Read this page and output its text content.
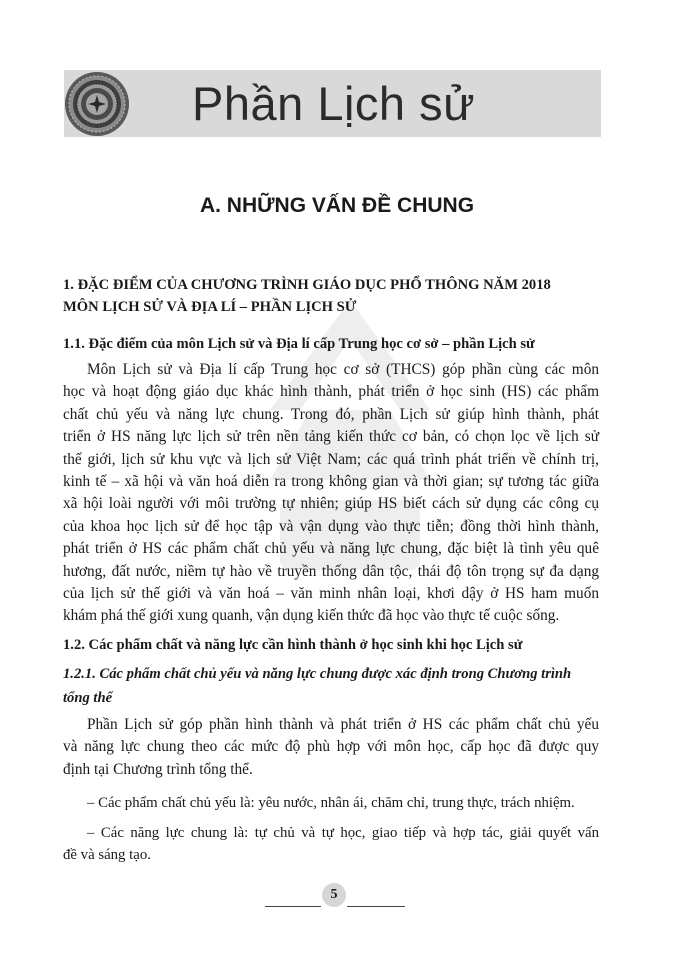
Phần Lịch sử
A. NHỮNG VẤN ĐỀ CHUNG
1. ĐẶC ĐIỂM CỦA CHƯƠNG TRÌNH GIÁO DỤC PHỔ THÔNG NĂM 2018
MÔN LỊCH SỬ VÀ ĐỊA LÍ – PHẦN LỊCH SỬ
1.1. Đặc điểm của môn Lịch sử và Địa lí cấp Trung học cơ sở – phần Lịch sử
Môn Lịch sử và Địa lí cấp Trung học cơ sở (THCS) góp phần cùng các môn
học và hoạt động giáo dục khác hình thành, phát triển ở học sinh (HS) các phẩm
chất chủ yếu và năng lực chung. Trong đó, phần Lịch sử giúp hình thành, phát
triển ở HS năng lực lịch sử trên nền tảng kiến thức cơ bản, có chọn lọc về lịch sử
thế giới, lịch sử khu vực và lịch sử Việt Nam; các quá trình phát triển về chính trị,
kinh tế – xã hội và văn hoá diễn ra trong không gian và thời gian; sự tương tác giữa
xã hội loài người với môi trường tự nhiên; giúp HS biết cách sử dụng các công cụ
của khoa học lịch sử để học tập và vận dụng vào thực tiễn; đồng thời hình thành,
phát triển ở HS các phẩm chất chủ yếu và năng lực chung, đặc biệt là tình yêu quê
hương, đất nước, niềm tự hào về truyền thống dân tộc, thái độ tôn trọng sự đa dạng
của lịch sử thế giới và văn hoá – văn minh nhân loại, khơi dậy ở HS ham muốn
khám phá thế giới xung quanh, vận dụng kiến thức đã học vào thực tế cuộc sống.
1.2. Các phẩm chất và năng lực cần hình thành ở học sinh khi học Lịch sử
1.2.1. Các phẩm chất chủ yếu và năng lực chung được xác định trong Chương trình
tổng thể
Phần Lịch sử góp phần hình thành và phát triển ở HS các phẩm chất chủ yếu
và năng lực chung theo các mức độ phù hợp với môn học, cấp học đã được quy
định tại Chương trình tổng thể.
– Các phẩm chất chủ yếu là: yêu nước, nhân ái, chăm chỉ, trung thực, trách nhiệm.
– Các năng lực chung là: tự chủ và tự học, giao tiếp và hợp tác, giải quyết vấn
đề và sáng tạo.
5
